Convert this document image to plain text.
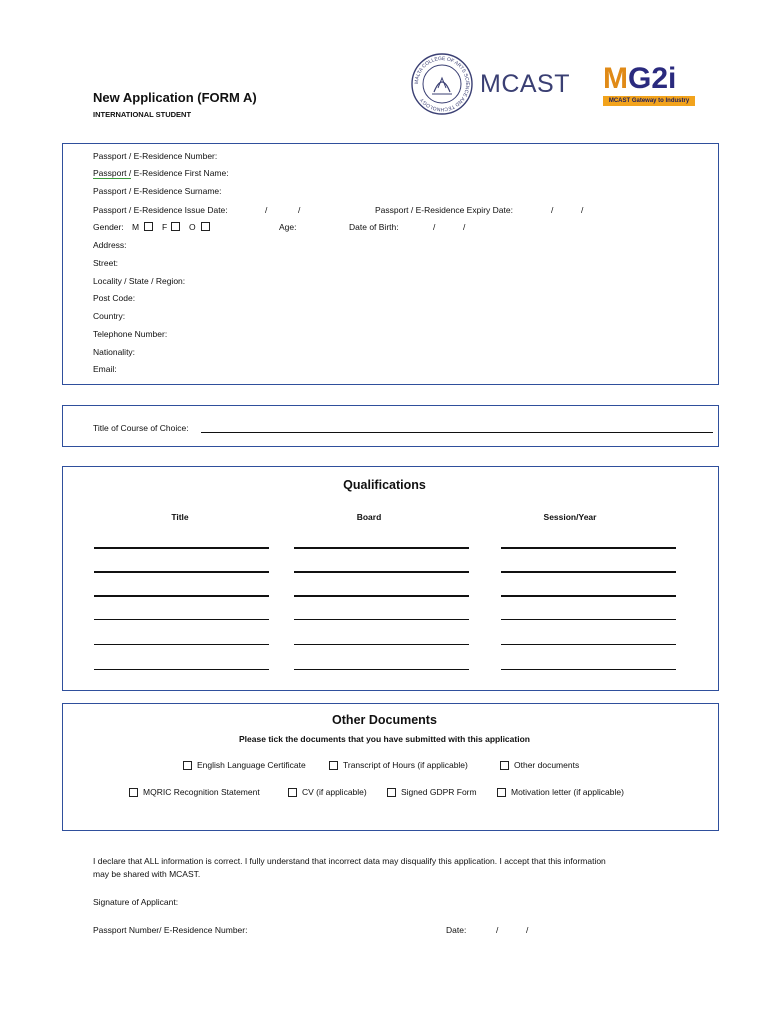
New Application (FORM A)
INTERNATIONAL STUDENT
MALTA COLLEGE OF ARTS SCIENCE AND TECHNOLOGY
MCAST MG2i
MCAST Gateway to Industry
Passport / E-Residence Number:
Passport / E-Residence First Name:
Passport / E-Residence Surname:
Passport / E-Residence Issue Date:	/	/	Passport / E-Residence Expiry Date:	/	/
Gender: M	F	O	Age:	Date of Birth:	/	/
Address:
Street:
Locality / State / Region:
Post Code:
Country:
Telephone Number:
Nationality:
Email:
Title of Course of Choice:
Qualifications
Title	Board	Session/Year
Other Documents
Please tick the documents that you have submitted with this application
English Language Certificate	Transcript of Hours (if applicable)	Other documents
MQRIC Recognition Statement	CV (if applicable)	Signed GDPR Form	Motivation letter (if applicable)
I declare that ALL information is correct. I fully understand that incorrect data may disqualify this application. I accept that this information
may be shared with MCAST.
Signature of Applicant:
Passport Number/ E-Residence Number:	Date:	/	/
